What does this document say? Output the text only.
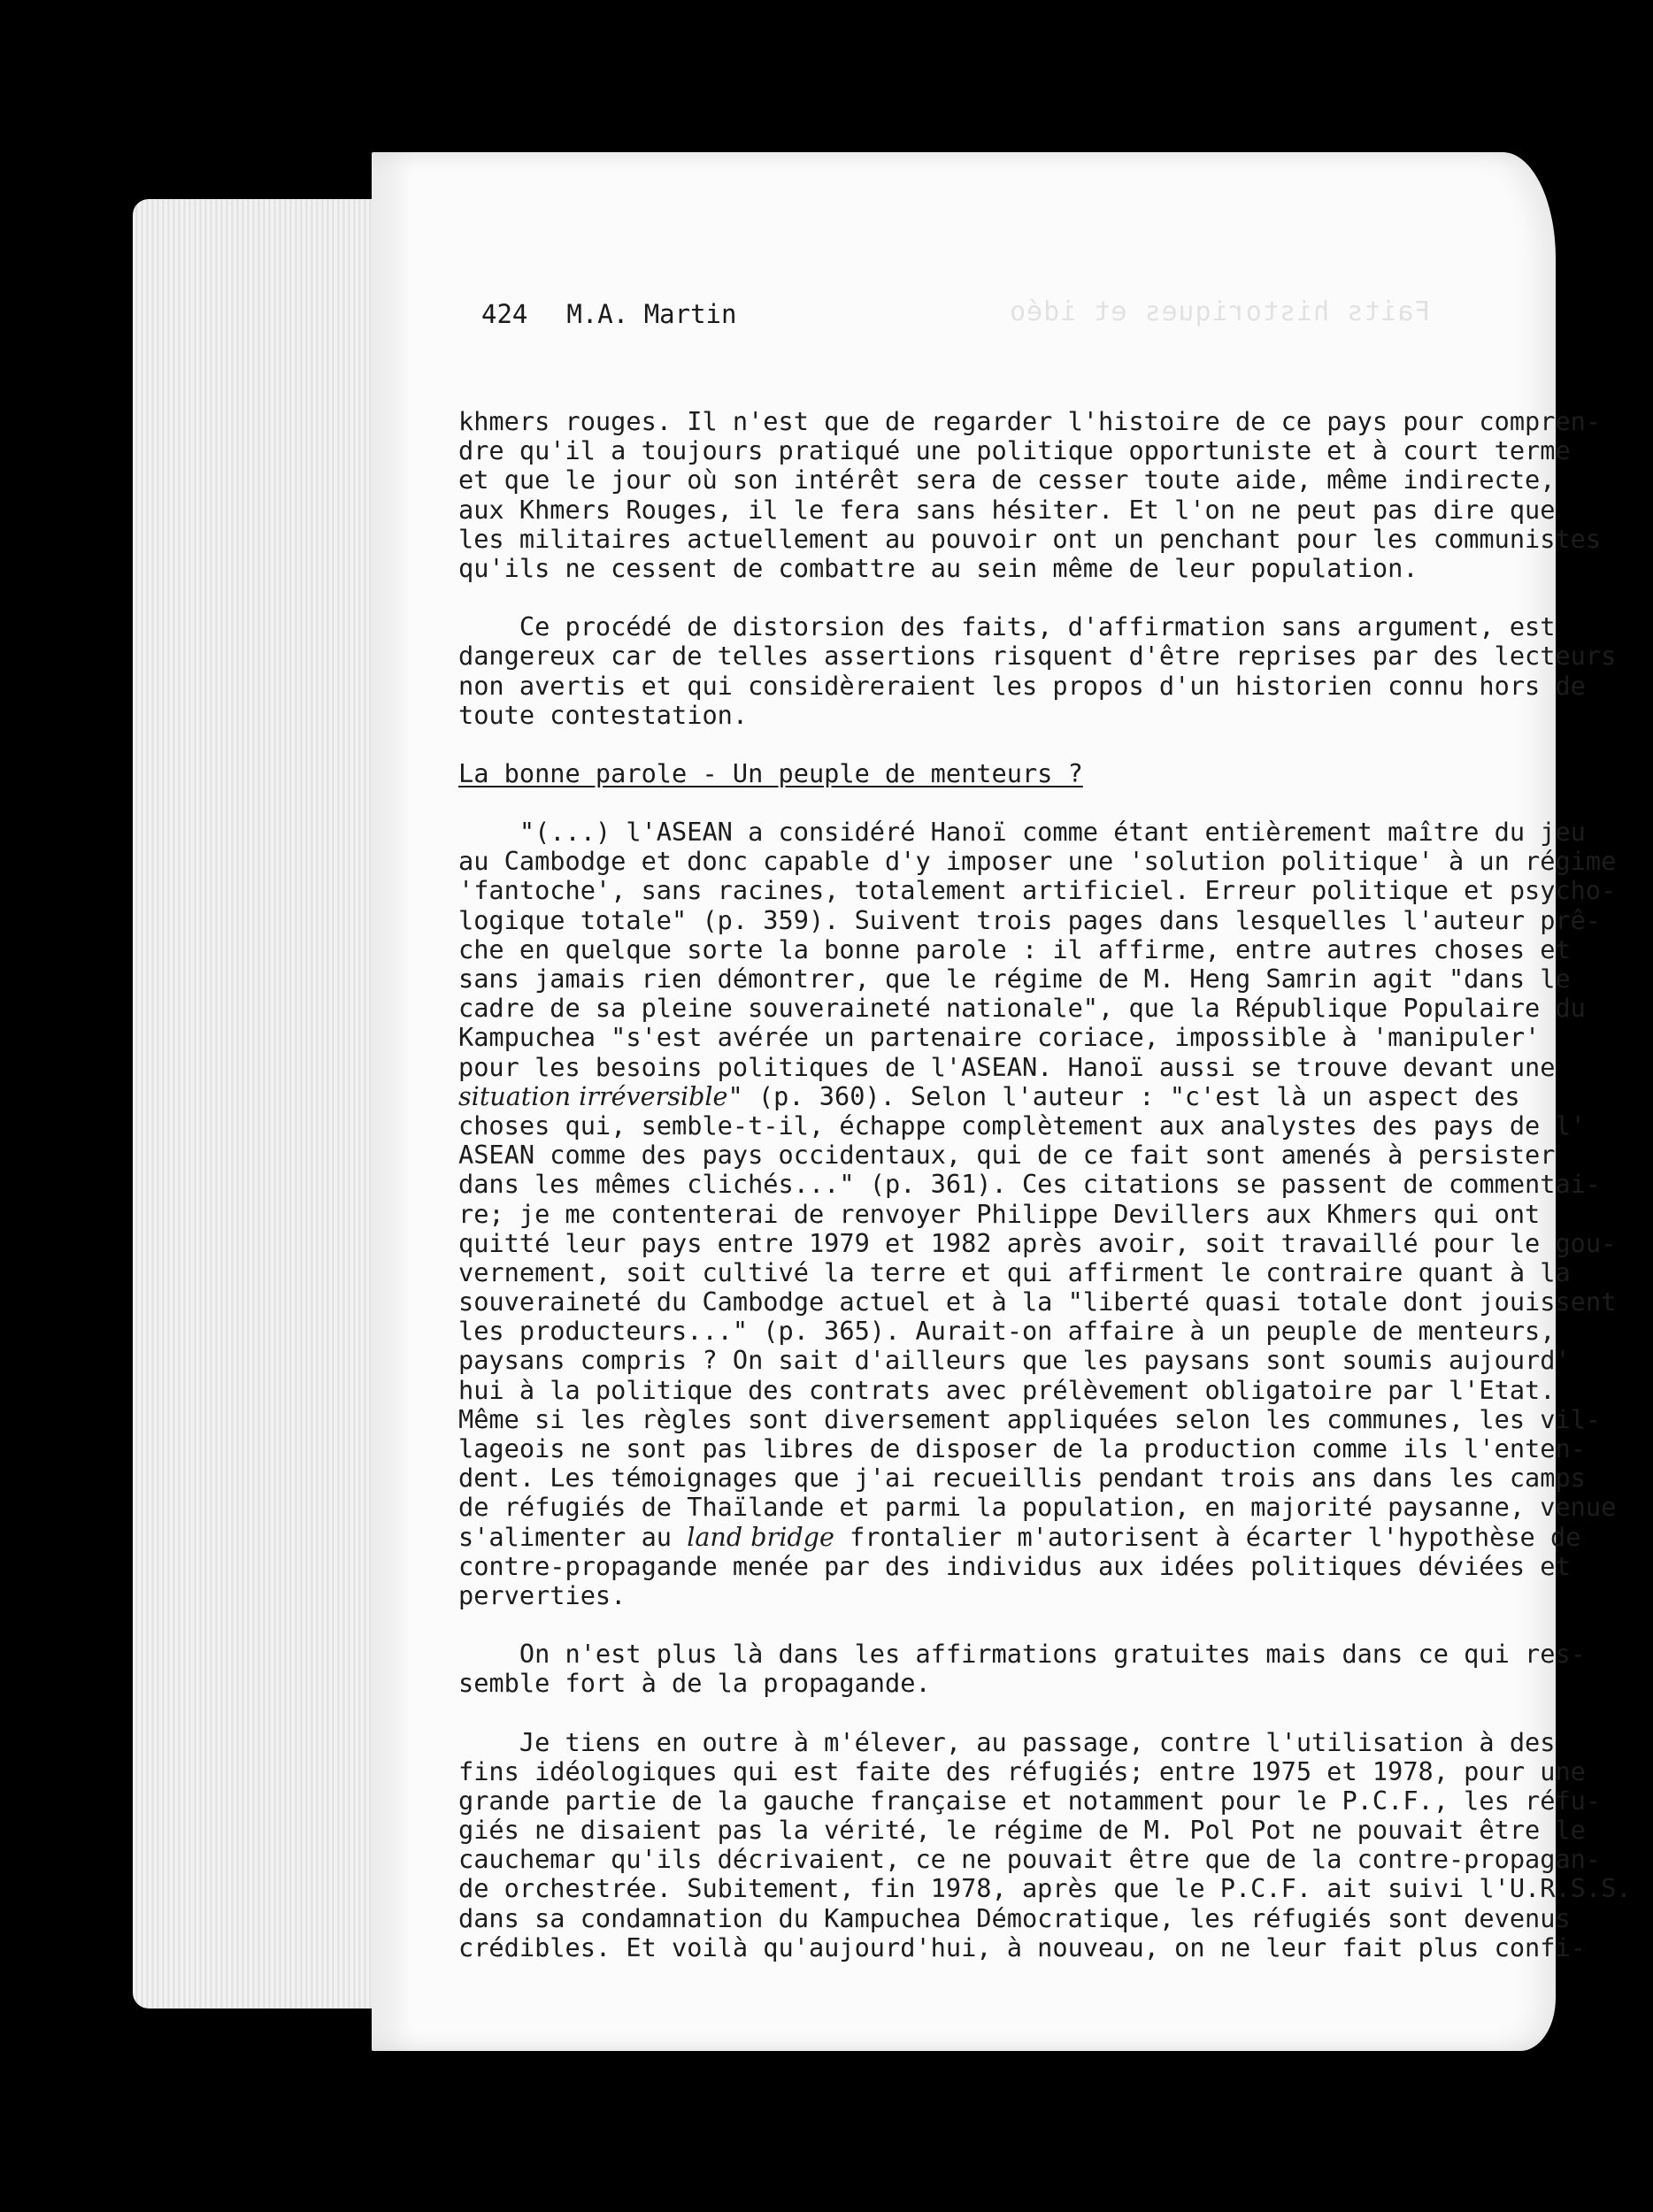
Faits historiques et idéo
424 M.A. Martin
khmers rouges. Il n'est que de regarder l'histoire de ce pays pour compren-
dre qu'il a toujours pratiqué une politique opportuniste et à court terme
et que le jour où son intérêt sera de cesser toute aide, même indirecte,
aux Khmers Rouges, il le fera sans hésiter. Et l'on ne peut pas dire que
les militaires actuellement au pouvoir ont un penchant pour les communistes
qu'ils ne cessent de combattre au sein même de leur population.
Ce procédé de distorsion des faits, d'affirmation sans argument, est
dangereux car de telles assertions risquent d'être reprises par des lecteurs
non avertis et qui considèreraient les propos d'un historien connu hors de
toute contestation.
La bonne parole - Un peuple de menteurs ?
"(...) l'ASEAN a considéré Hanoï comme étant entièrement maître du jeu
au Cambodge et donc capable d'y imposer une 'solution politique' à un régime
'fantoche', sans racines, totalement artificiel. Erreur politique et psycho-
logique totale" (p. 359). Suivent trois pages dans lesquelles l'auteur prê-
che en quelque sorte la bonne parole : il affirme, entre autres choses et
sans jamais rien démontrer, que le régime de M. Heng Samrin agit "dans le
cadre de sa pleine souveraineté nationale", que la République Populaire du
Kampuchea "s'est avérée un partenaire coriace, impossible à 'manipuler'
pour les besoins politiques de l'ASEAN. Hanoï aussi se trouve devant une
situation irréversible" (p. 360). Selon l'auteur : "c'est là un aspect des
choses qui, semble-t-il, échappe complètement aux analystes des pays de l'
ASEAN comme des pays occidentaux, qui de ce fait sont amenés à persister
dans les mêmes clichés..." (p. 361). Ces citations se passent de commentai-
re; je me contenterai de renvoyer Philippe Devillers aux Khmers qui ont
quitté leur pays entre 1979 et 1982 après avoir, soit travaillé pour le gou-
vernement, soit cultivé la terre et qui affirment le contraire quant à la
souveraineté du Cambodge actuel et à la "liberté quasi totale dont jouissent
les producteurs..." (p. 365). Aurait-on affaire à un peuple de menteurs,
paysans compris ? On sait d'ailleurs que les paysans sont soumis aujourd'
hui à la politique des contrats avec prélèvement obligatoire par l'Etat.
Même si les règles sont diversement appliquées selon les communes, les vil-
lageois ne sont pas libres de disposer de la production comme ils l'enten-
dent. Les témoignages que j'ai recueillis pendant trois ans dans les camps
de réfugiés de Thaïlande et parmi la population, en majorité paysanne, venue
s'alimenter au land bridge frontalier m'autorisent à écarter l'hypothèse de
contre-propagande menée par des individus aux idées politiques déviées et
perverties.
On n'est plus là dans les affirmations gratuites mais dans ce qui res-
semble fort à de la propagande.
Je tiens en outre à m'élever, au passage, contre l'utilisation à des
fins idéologiques qui est faite des réfugiés; entre 1975 et 1978, pour une
grande partie de la gauche française et notamment pour le P.C.F., les réfu-
giés ne disaient pas la vérité, le régime de M. Pol Pot ne pouvait être le
cauchemar qu'ils décrivaient, ce ne pouvait être que de la contre-propagan-
de orchestrée. Subitement, fin 1978, après que le P.C.F. ait suivi l'U.R.S.S.
dans sa condamnation du Kampuchea Démocratique, les réfugiés sont devenus
crédibles. Et voilà qu'aujourd'hui, à nouveau, on ne leur fait plus confi-
